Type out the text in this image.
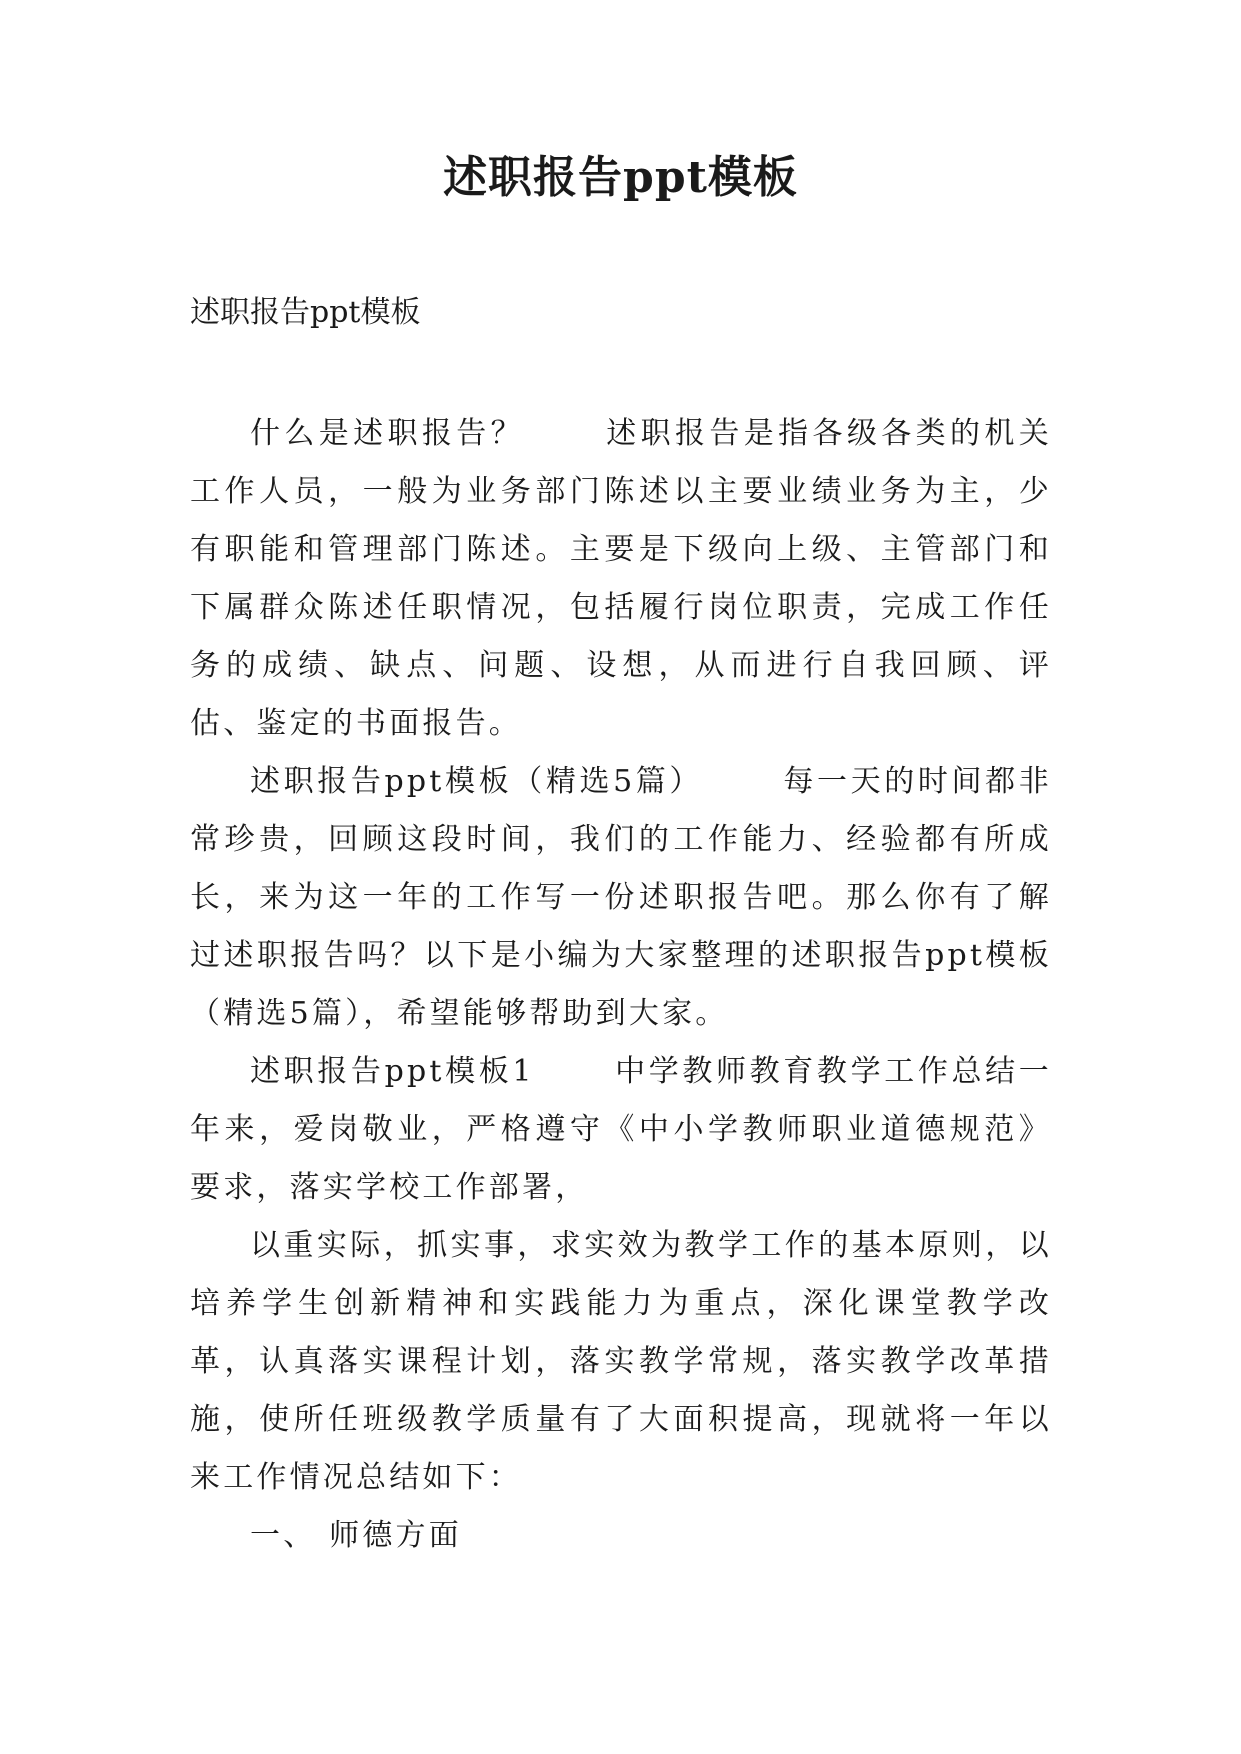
述职报告ppt模板
述职报告ppt模板

什么是述职报告？	述职报告是指各级各类的机关工作人员，一般为业务部门陈述以主要业绩业务为主，少有职能和管理部门陈述。主要是下级向上级、主管部门和下属群众陈述任职情况，包括履行岗位职责，完成工作任务的成绩、缺点、问题、设想，从而进行自我回顾、评估、鉴定的书面报告。

述职报告ppt模板（精选5篇）	每一天的时间都非常珍贵，回顾这段时间，我们的工作能力、经验都有所成长，来为这一年的工作写一份述职报告吧。那么你有了解过述职报告吗？以下是小编为大家整理的述职报告ppt模板（精选5篇），希望能够帮助到大家。

述职报告ppt模板1	中学教师教育教学工作总结一年来，爱岗敬业，严格遵守《中小学教师职业道德规范》要求，落实学校工作部署，

以重实际，抓实事，求实效为教学工作的基本原则，以培养学生创新精神和实践能力为重点，深化课堂教学改革，认真落实课程计划，落实教学常规，落实教学改革措施，使所任班级教学质量有了大面积提高，现就将一年以来工作情况总结如下：

一、 师德方面
